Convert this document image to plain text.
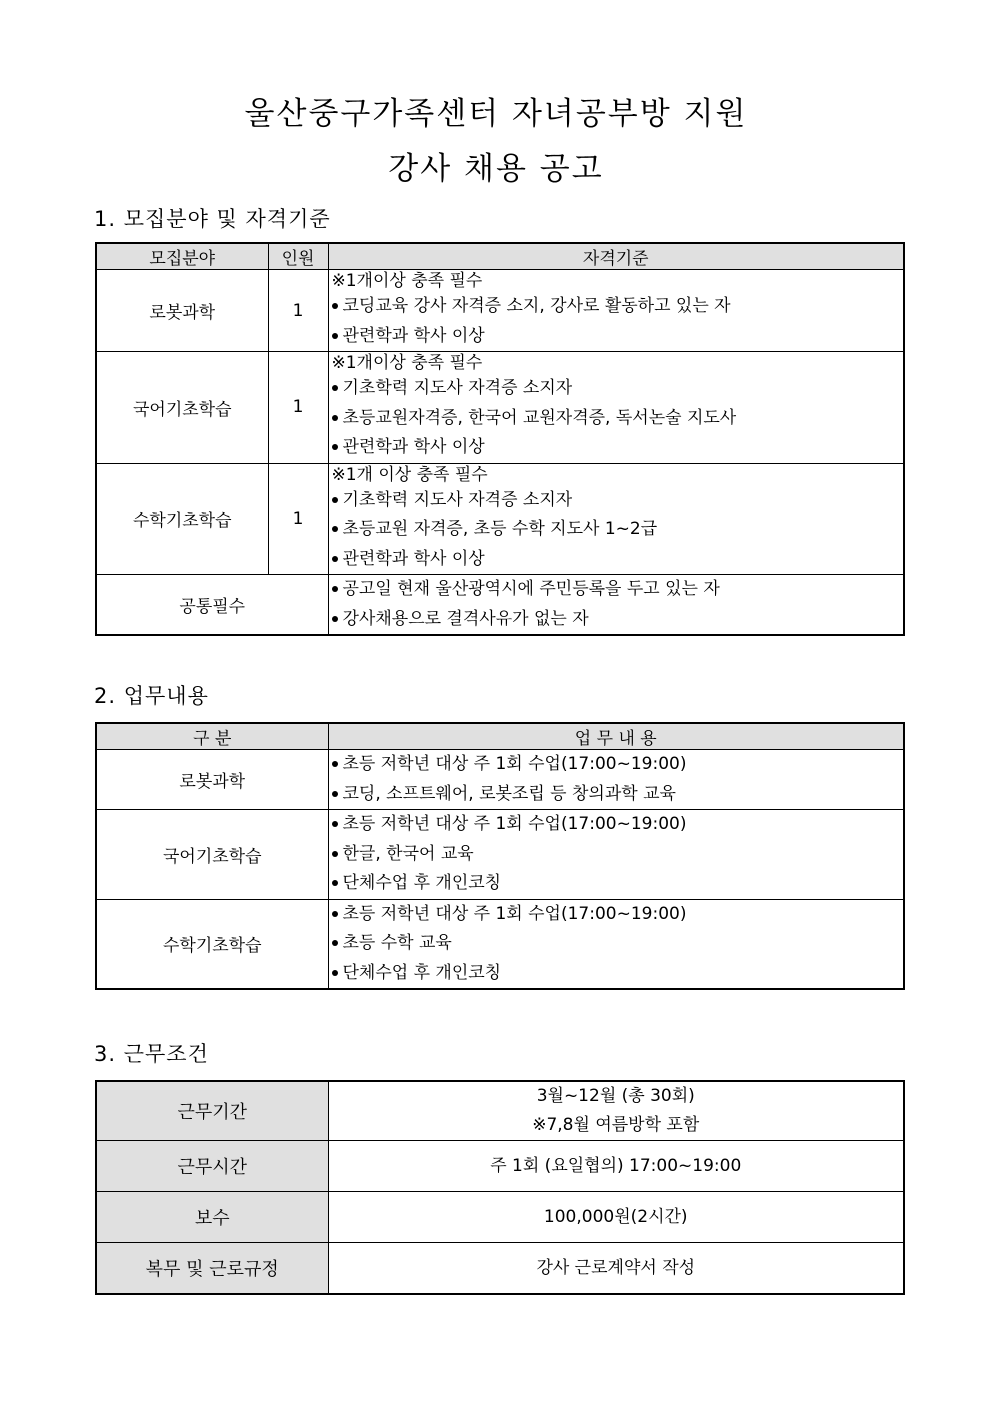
울산중구가족센터 자녀공부방 지원
강사 채용 공고
1. 모집분야 및 자격기준
모집분야	인원	자격기준
로봇과학	1	※1개이상 충족 필수
코딩교육 강사 자격증 소지, 강사로 활동하고 있는 자
관련학과 학사 이상

국어기초학습	1	※1개이상 충족 필수
기초학력 지도사 자격증 소지자
초등교원자격증, 한국어 교원자격증, 독서논술 지도사
관련학과 학사 이상

수학기초학습	1	※1개 이상 충족 필수
기초학력 지도사 자격증 소지자
초등교원 자격증, 초등 수학 지도사 1~2급
관련학과 학사 이상

공통필수		공고일 현재 울산광역시에 주민등록을 두고 있는 자
강사채용으로 결격사유가 없는 자
2. 업무내용
구 분	업 무 내 용
로봇과학	초등 저학년 대상 주 1회 수업(17:00~19:00)
코딩, 소프트웨어, 로봇조립 등 창의과학 교육

국어기초학습	초등 저학년 대상 주 1회 수업(17:00~19:00)
한글, 한국어 교육
단체수업 후 개인코칭

수학기초학습	초등 저학년 대상 주 1회 수업(17:00~19:00)
초등 수학 교육
단체수업 후 개인코칭
3. 근무조건
근무기간	3월~12월 (총 30회)
※7,8월 여름방학 포함

근무시간	주 1회 (요일협의) 17:00~19:00
보수	100,000원(2시간)
복무 및 근로규정	강사 근로계약서 작성
